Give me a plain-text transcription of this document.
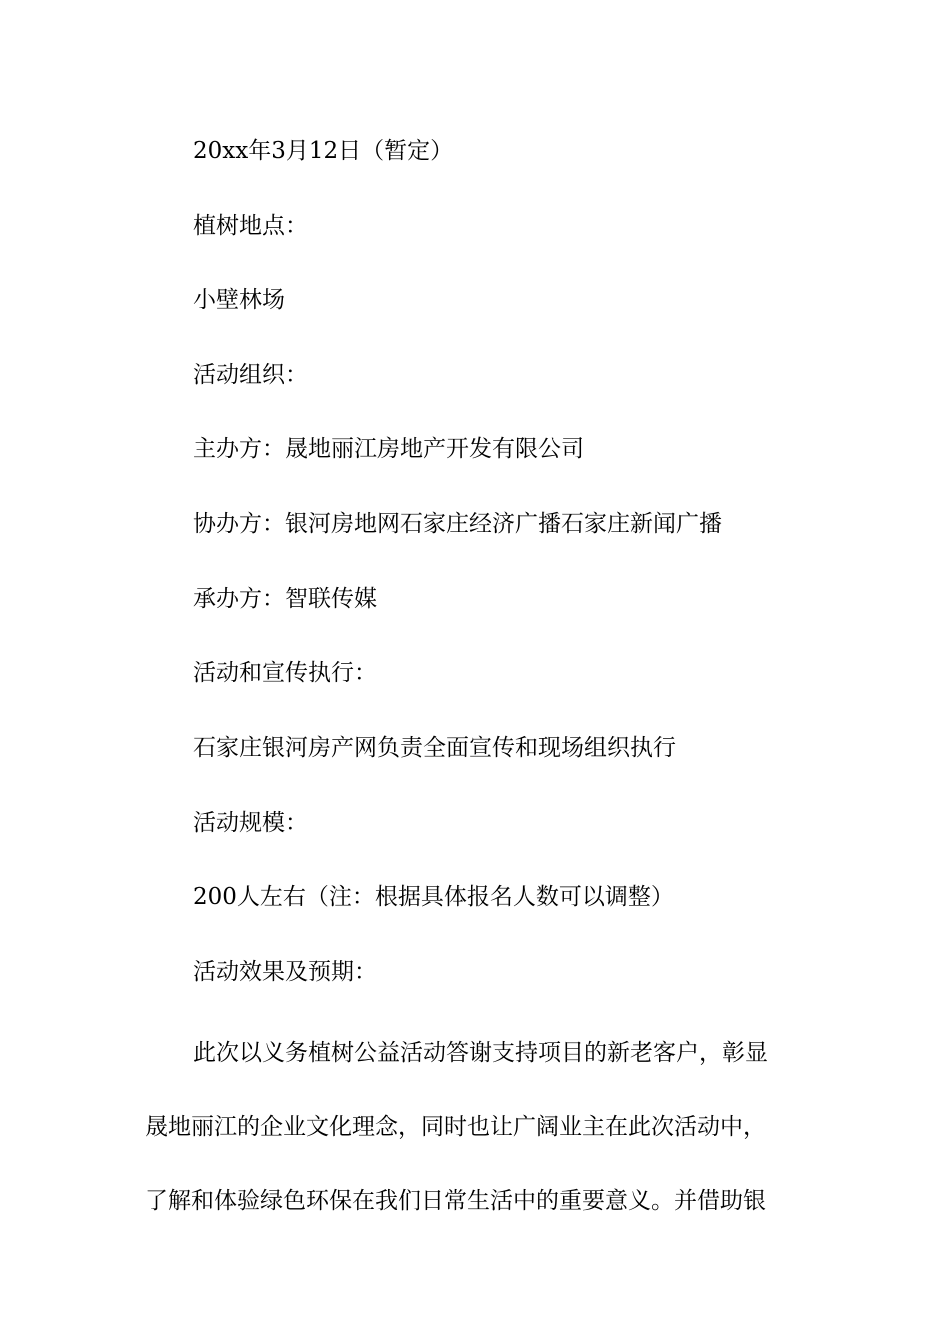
20xx年3月12日（暂定）
植树地点：
小壁林场
活动组织：
主办方：晟地丽江房地产开发有限公司
协办方：银河房地网石家庄经济广播石家庄新闻广播
承办方：智联传媒
活动和宣传执行：
石家庄银河房产网负责全面宣传和现场组织执行
活动规模：
200人左右（注：根据具体报名人数可以调整）
活动效果及预期：
此次以义务植树公益活动答谢支持项目的新老客户，彰显
晟地丽江的企业文化理念，同时也让广阔业主在此次活动中，
了解和体验绿色环保在我们日常生活中的重要意义。并借助银
